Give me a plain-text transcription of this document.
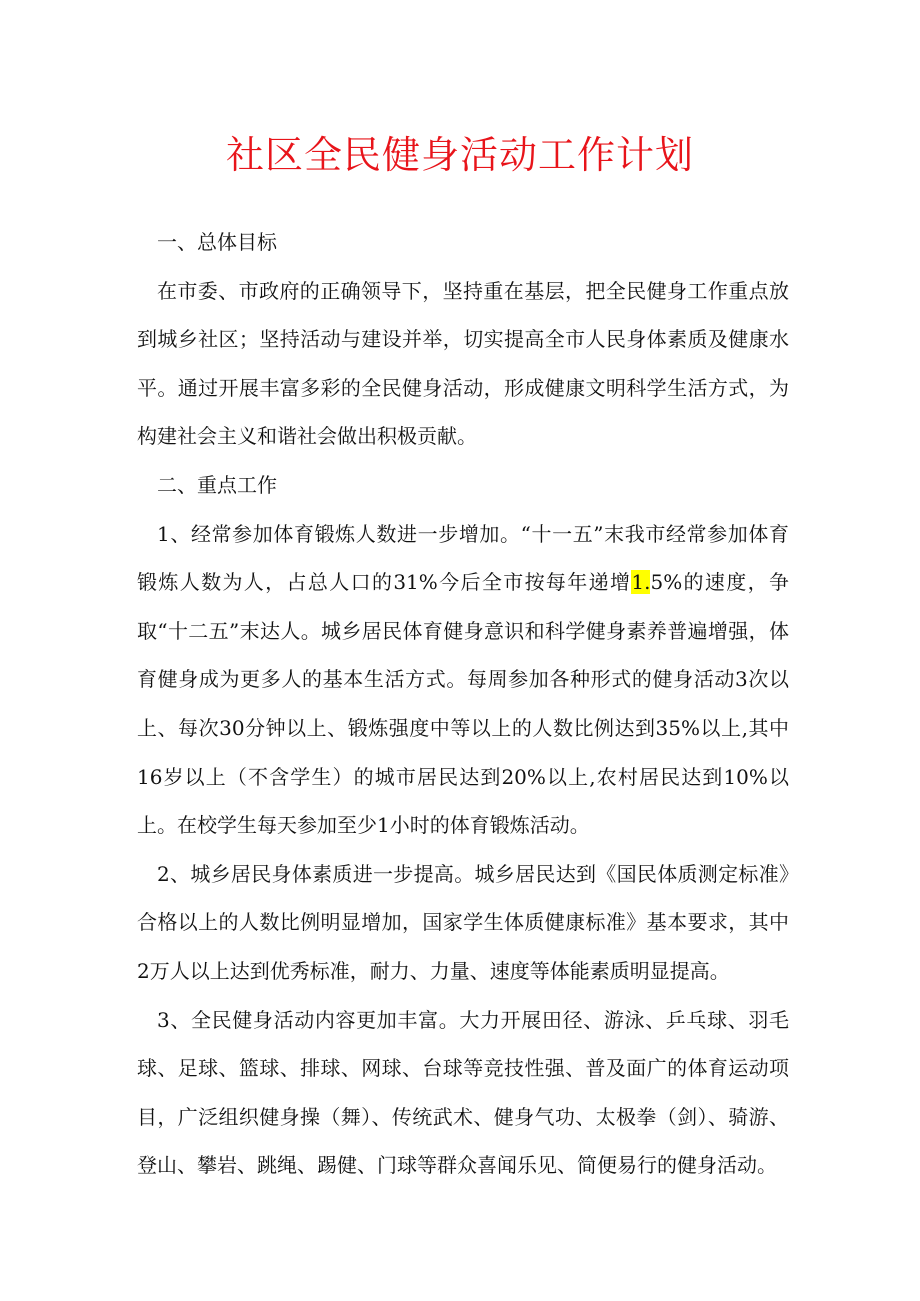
社区全民健身活动工作计划

一、总体目标

在市委、市政府的正确领导下，坚持重在基层，把全民健身工作重点放到城乡社区；坚持活动与建设并举，切实提高全市人民身体素质及健康水平。通过开展丰富多彩的全民健身活动，形成健康文明科学生活方式，为构建社会主义和谐社会做出积极贡献。

二、重点工作

1、经常参加体育锻炼人数进一步增加。“十一五”末我市经常参加体育锻炼人数为人，占总人口的31%今后全市按每年递增1.5%的速度，争取“十二五”末达人。城乡居民体育健身意识和科学健身素养普遍增强，体育健身成为更多人的基本生活方式。每周参加各种形式的健身活动3次以上、每次30分钟以上、锻炼强度中等以上的人数比例达到35%以上,其中16岁以上（不含学生）的城市居民达到20%以上,农村居民达到10%以上。在校学生每天参加至少1小时的体育锻炼活动。

2、城乡居民身体素质进一步提高。城乡居民达到《国民体质测定标准》合格以上的人数比例明显增加，国家学生体质健康标准》基本要求，其中2万人以上达到优秀标准，耐力、力量、速度等体能素质明显提高。

3、全民健身活动内容更加丰富。大力开展田径、游泳、乒乓球、羽毛球、足球、篮球、排球、网球、台球等竞技性强、普及面广的体育运动项目，广泛组织健身操（舞）、传统武术、健身气功、太极拳（剑）、骑游、登山、攀岩、跳绳、踢健、门球等群众喜闻乐见、简便易行的健身活动。
